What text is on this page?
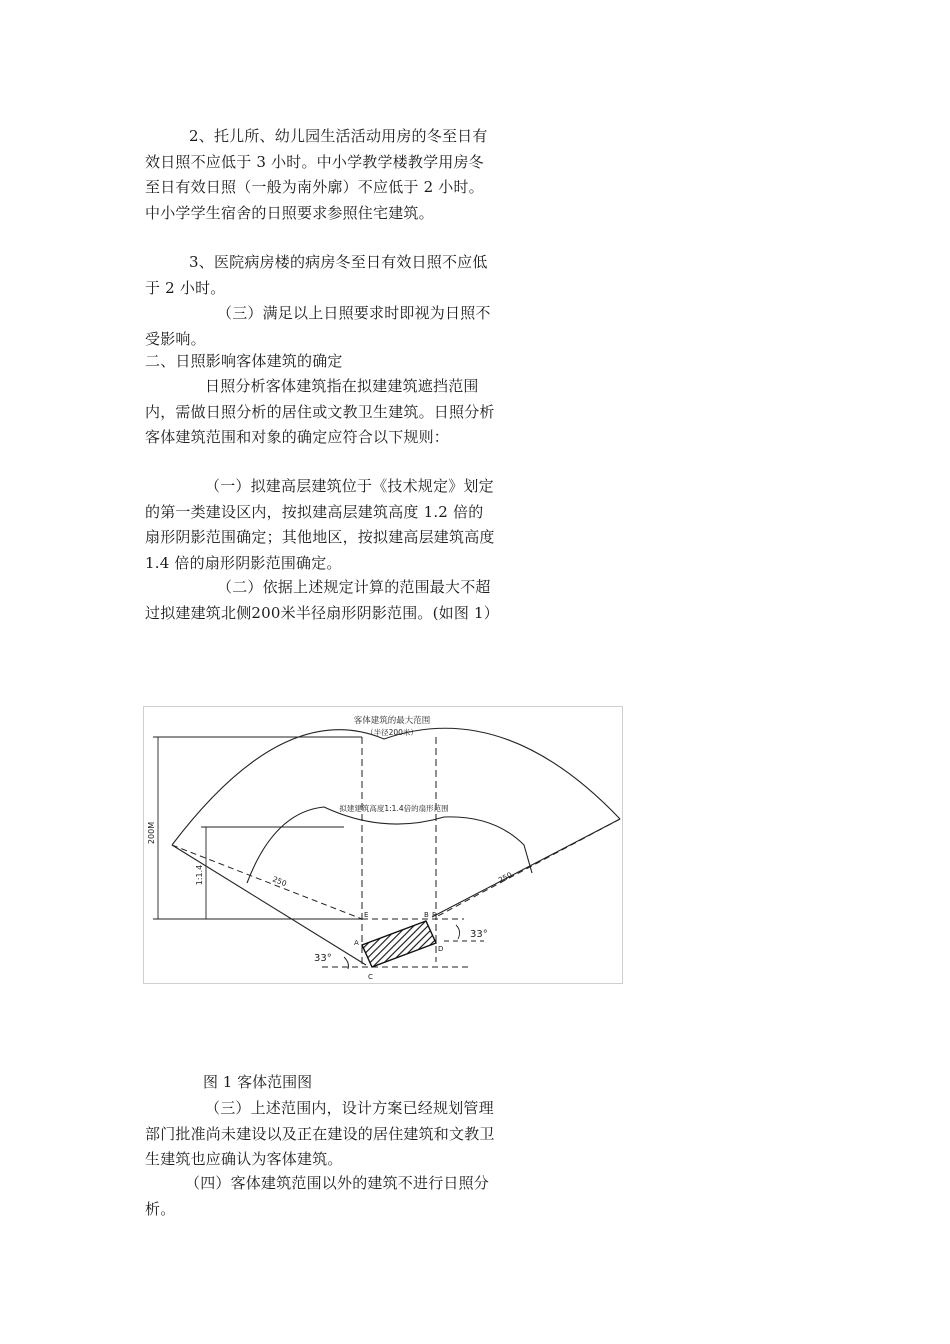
2、托儿所、幼儿园生活活动用房的冬至日有效日照不应低于 3 小时。中小学教学楼教学用房冬至日有效日照（一般为南外廓）不应低于 2 小时。中小学学生宿舍的日照要求参照住宅建筑。

3、医院病房楼的病房冬至日有效日照不应低于 2 小时。

（三）满足以上日照要求时即视为日照不受影响。

二、日照影响客体建筑的确定

日照分析客体建筑指在拟建建筑遮挡范围内，需做日照分析的居住或文教卫生建筑。日照分析客体建筑范围和对象的确定应符合以下规则：

（一）拟建高层建筑位于《技术规定》划定的第一类建设区内，按拟建高层建筑高度 1.2 倍的扇形阴影范围确定；其他地区，按拟建高层建筑高度 1.4 倍的扇形阴影范围确定。

（二）依据上述规定计算的范围最大不超过拟建建筑北侧200米半径扇形阴影范围。(如图 1）

客体建筑的最大范围
（半径200米）
拟建建筑高度1:1.4倍的扇形范围
200M
1:1.4	250	250
33°
33°
A
B
C
D
E	F
图 1 客体范围图

（三）上述范围内，设计方案已经规划管理部门批准尚未建设以及正在建设的居住建筑和文教卫生建筑也应确认为客体建筑。

（四）客体建筑范围以外的建筑不进行日照分析。
